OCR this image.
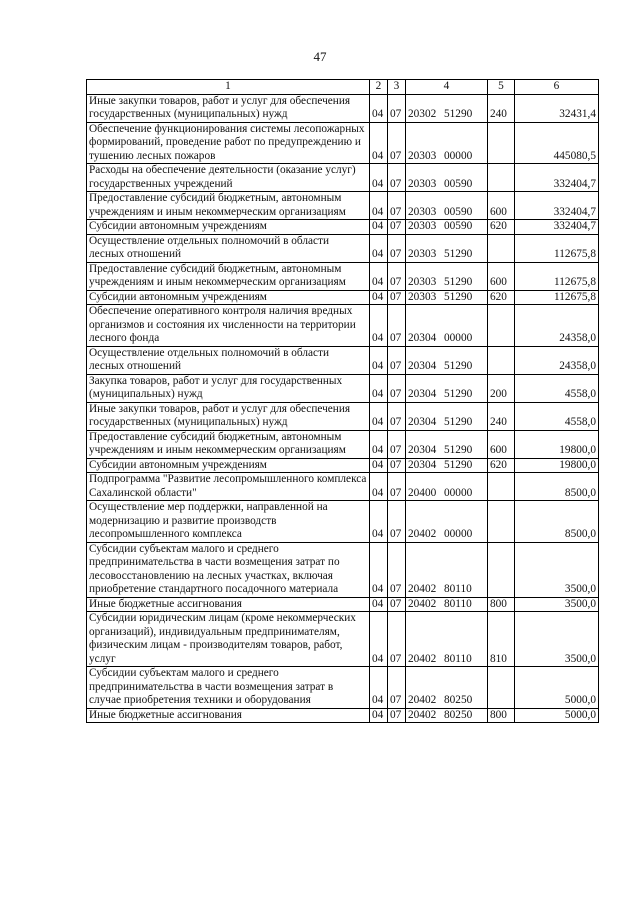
47
1	2	3	4	5	6
Иные закупки товаров, работ и услуг для обеспечения государственных (муниципальных) нужд	04	07	20302 51290	240	32431,4
Обеспечение функционирования системы лесопожарных формирований, проведение работ по предупреждению и тушению лесных пожаров	04	07	20303 00000		445080,5
Расходы на обеспечение деятельности (оказание услуг) государственных учреждений	04	07	20303 00590		332404,7
Предоставление субсидий бюджетным, автономным учреждениям и иным некоммерческим организациям	04	07	20303 00590	600	332404,7
Субсидии автономным учреждениям	04	07	20303 00590	620	332404,7
Осуществление отдельных полномочий в области лесных отношений	04	07	20303 51290		112675,8
Предоставление субсидий бюджетным, автономным учреждениям и иным некоммерческим организациям	04	07	20303 51290	600	112675,8
Субсидии автономным учреждениям	04	07	20303 51290	620	112675,8
Обеспечение оперативного контроля наличия вредных организмов и состояния их численности на территории лесного фонда	04	07	20304 00000		24358,0
Осуществление отдельных полномочий в области лесных отношений	04	07	20304 51290		24358,0
Закупка товаров, работ и услуг для государственных (муниципальных) нужд	04	07	20304 51290	200	4558,0
Иные закупки товаров, работ и услуг для обеспечения государственных (муниципальных) нужд	04	07	20304 51290	240	4558,0
Предоставление субсидий бюджетным, автономным учреждениям и иным некоммерческим организациям	04	07	20304 51290	600	19800,0
Субсидии автономным учреждениям	04	07	20304 51290	620	19800,0
Подпрограмма "Развитие лесопромышленного комплекса Сахалинской области"	04	07	20400 00000		8500,0
Осуществление мер поддержки, направленной на модернизацию и развитие производств лесопромышленного комплекса	04	07	20402 00000		8500,0
Субсидии субъектам малого и среднего предпринимательства в части возмещения затрат по лесовосстановлению на лесных участках, включая приобретение стандартного посадочного материала	04	07	20402 80110		3500,0
Иные бюджетные ассигнования	04	07	20402 80110	800	3500,0
Субсидии юридическим лицам (кроме некоммерческих организаций), индивидуальным предпринимателям, физическим лицам - производителям товаров, работ, услуг	04	07	20402 80110	810	3500,0
Субсидии субъектам малого и среднего предпринимательства в части возмещения затрат в случае приобретения техники и оборудования	04	07	20402 80250		5000,0
Иные бюджетные ассигнования	04	07	20402 80250	800	5000,0
